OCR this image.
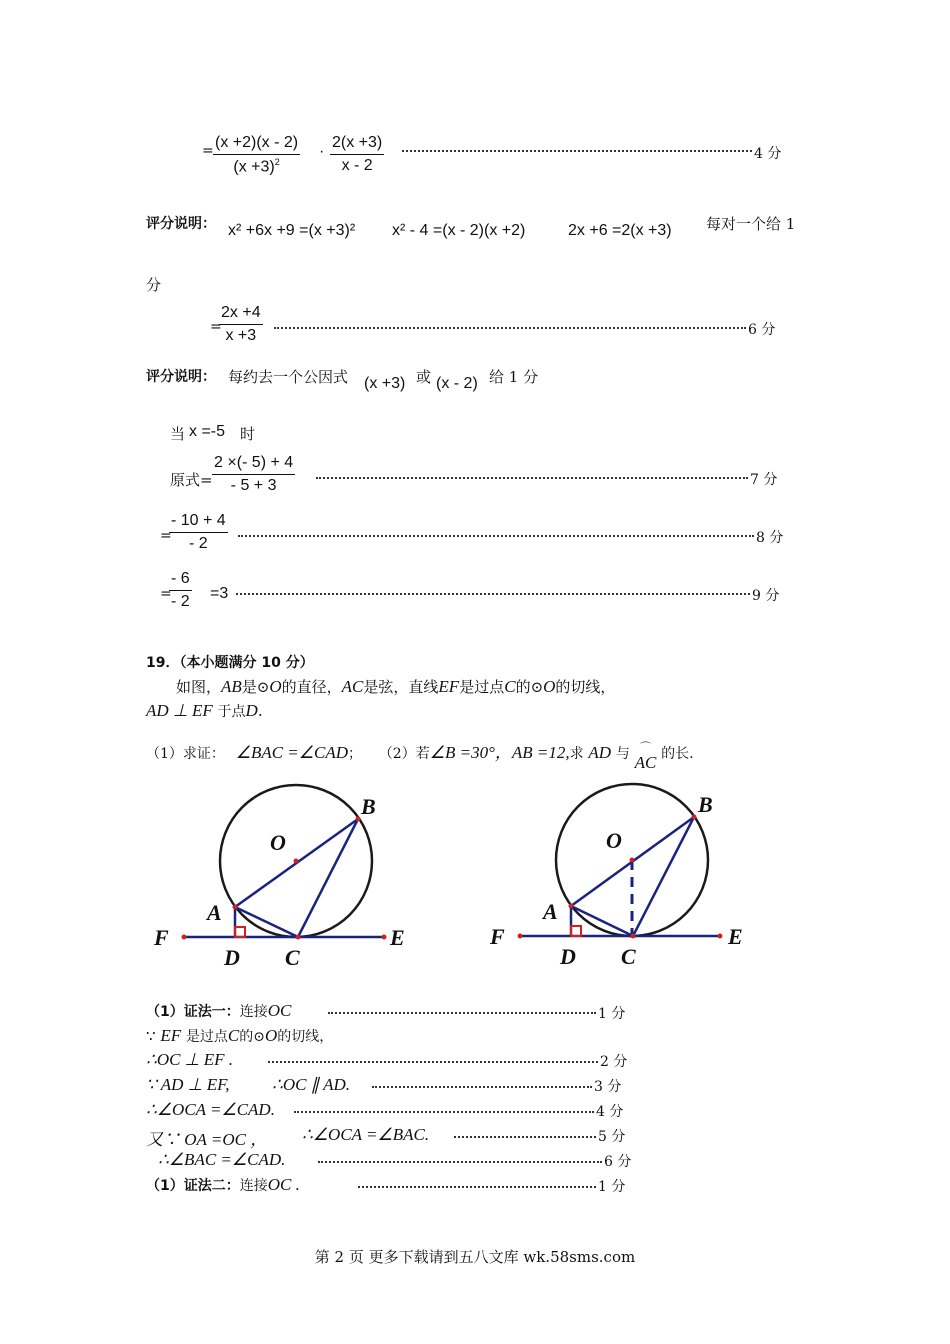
= $\frac{(x +2)(x - 2)}{(x +3)^2} \cdot \frac{2(x +3)}{x - 2}$	4 分
评分说明： x² +6x +9 =(x +3)² x² - 4 =(x - 2)(x +2)	2x +6 =2(x +3) 每对一个给 1
分
=
$\frac{2x +4}{x +3}$	6 分
评分说明： 每约去一个公因式 (x +3) 或 (x - 2) 给 1 分
当 x =-5 时
原式= $\frac{2 \times(- 5) + 4}{- 5 + 3}$	7 分
=
$\frac{- 10 + 4}{- 2}$	8 分
=
$\frac{- 6}{- 2} =3$	9 分
19．（本小题满分 10 分）
如图，AB是⊙O的直径，AC是弦，直线EF是过点C的⊙O的切线，
AD ⊥ EF 于点D.
（1）求证： ∠BAC =∠CAD； （2）若∠B =30°，AB =12,求 AD 与 ⌒
AC 的长.
O
B
A
F	E
D C
O
B
A
F	E
D C
（1）证法一：连接OC	1 分
∵ EF 是过点C的⊙O的切线，
∴OC ⊥ EF .	2 分
∵ AD ⊥ EF, ∴OC ∥ AD.	3 分
∴∠OCA =∠CAD.	4 分
又∵ OA =OC ， ∴∠OCA =∠BAC.	5 分
∴∠BAC =∠CAD.	6 分
（1）证法二：连接OC .	1 分
第 2 页 更多下载请到五八文库 wk.58sms.com
